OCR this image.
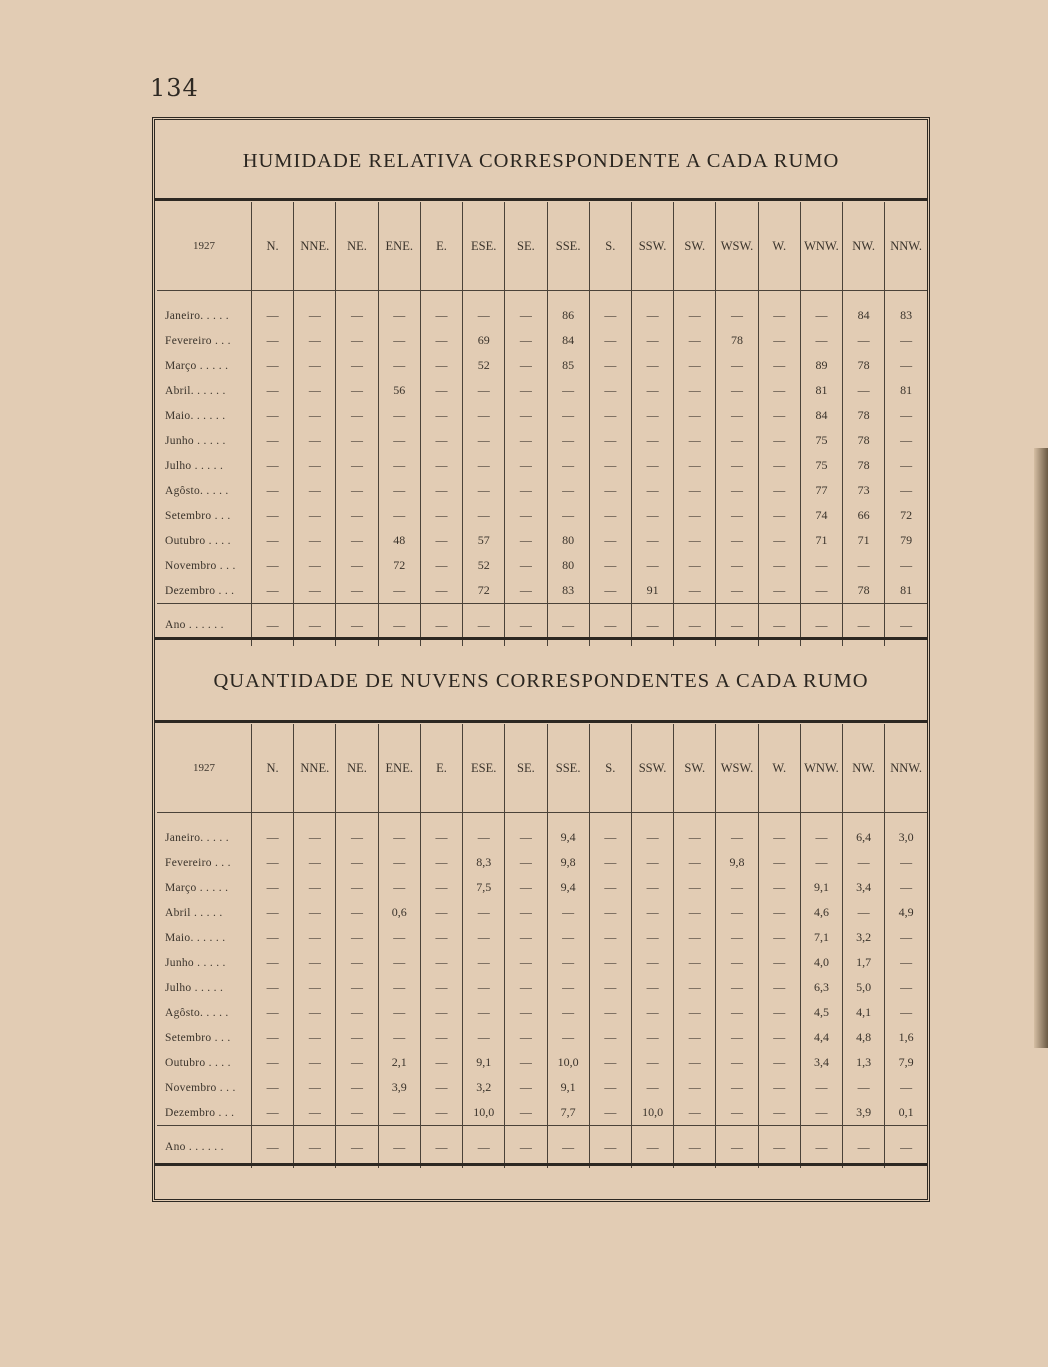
134
HUMIDADE RELATIVA CORRESPONDENTE A CADA RUMO
1927	N.	NNE.	NE.	ENE.	E.	ESE.	SE.	SSE.	S.	SSW.	SW.	WSW.	W.	WNW.	NW.	NNW.

Janeiro. . . . .	—	—	—	—	—	—	—	86	—	—	—	—	—	—	84	83
Fevereiro . . .	—	—	—	—	—	69	—	84	—	—	—	78	—	—	—	—
Março . . . . .	—	—	—	—	—	52	—	85	—	—	—	—	—	89	78	—
Abril. . . . . .	—	—	—	56	—	—	—	—	—	—	—	—	—	81	—	81
Maio. . . . . .	—	—	—	—	—	—	—	—	—	—	—	—	—	84	78	—
Junho . . . . .	—	—	—	—	—	—	—	—	—	—	—	—	—	75	78	—
Julho . . . . .	—	—	—	—	—	—	—	—	—	—	—	—	—	75	78	—
Agôsto. . . . .	—	—	—	—	—	—	—	—	—	—	—	—	—	77	73	—
Setembro . . .	—	—	—	—	—	—	—	—	—	—	—	—	—	74	66	72
Outubro . . . .	—	—	—	48	—	57	—	80	—	—	—	—	—	71	71	79
Novembro . . .	—	—	—	72	—	52	—	80	—	—	—	—	—	—	—	—
Dezembro . . .	—	—	—	—	—	72	—	83	—	91	—	—	—	—	78	81
Ano . . . . . .	—	—	—	—	—	—	—	—	—	—	—	—	—	—	—	—
QUANTIDADE DE NUVENS CORRESPONDENTES A CADA RUMO
1927	N.	NNE.	NE.	ENE.	E.	ESE.	SE.	SSE.	S.	SSW.	SW.	WSW.	W.	WNW.	NW.	NNW.

Janeiro. . . . .	—	—	—	—	—	—	—	9,4	—	—	—	—	—	—	6,4	3,0
Fevereiro . . .	—	—	—	—	—	8,3	—	9,8	—	—	—	9,8	—	—	—	—
Março . . . . .	—	—	—	—	—	7,5	—	9,4	—	—	—	—	—	9,1	3,4	—
Abril . . . . .	—	—	—	0,6	—	—	—	—	—	—	—	—	—	4,6	—	4,9
Maio. . . . . .	—	—	—	—	—	—	—	—	—	—	—	—	—	7,1	3,2	—
Junho . . . . .	—	—	—	—	—	—	—	—	—	—	—	—	—	4,0	1,7	—
Julho . . . . .	—	—	—	—	—	—	—	—	—	—	—	—	—	6,3	5,0	—
Agôsto. . . . .	—	—	—	—	—	—	—	—	—	—	—	—	—	4,5	4,1	—
Setembro . . .	—	—	—	—	—	—	—	—	—	—	—	—	—	4,4	4,8	1,6
Outubro . . . .	—	—	—	2,1	—	9,1	—	10,0	—	—	—	—	—	3,4	1,3	7,9
Novembro . . .	—	—	—	3,9	—	3,2	—	9,1	—	—	—	—	—	—	—	—
Dezembro . . .	—	—	—	—	—	10,0	—	7,7	—	10,0	—	—	—	—	3,9	0,1
Ano . . . . . .	—	—	—	—	—	—	—	—	—	—	—	—	—	—	—	—
